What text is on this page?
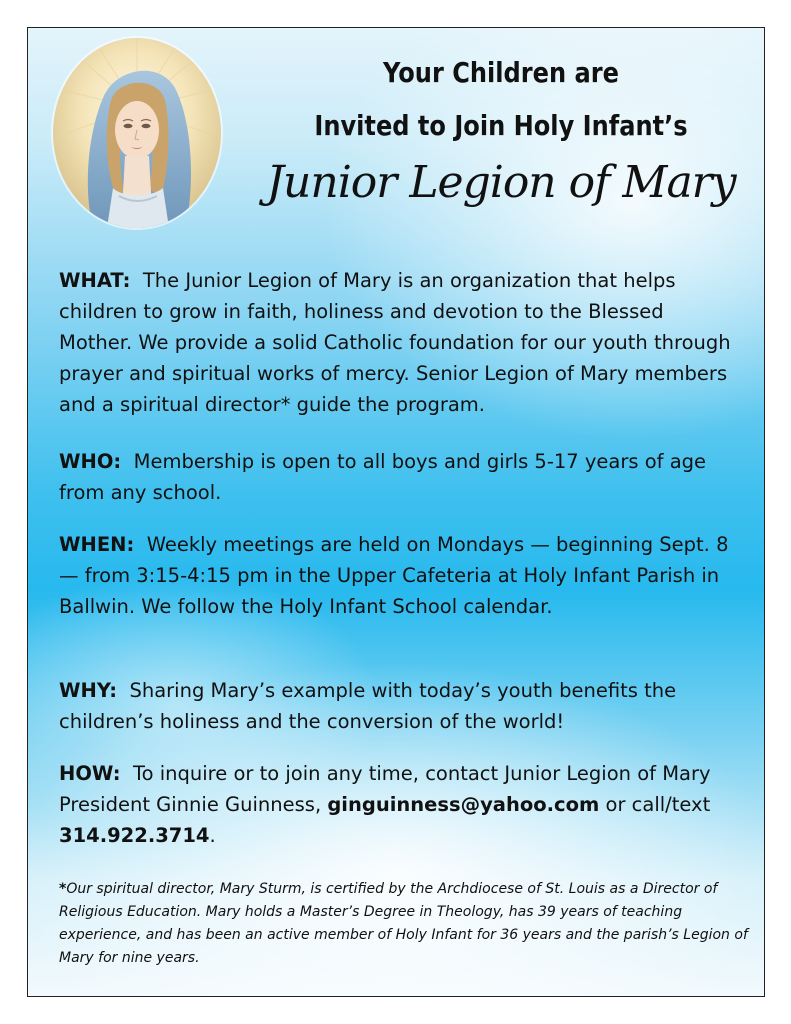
Your Children are
Invited to Join Holy Infant’s
Junior Legion of Mary
WHAT: The Junior Legion of Mary is an organization that helps children to grow in faith, holiness and devotion to the Blessed Mother. We provide a solid Catholic foundation for our youth through prayer and spiritual works of mercy. Senior Legion of Mary members and a spiritual director* guide the program.
WHO: Membership is open to all boys and girls 5-17 years of age from any school.
WHEN: Weekly meetings are held on Mondays — beginning Sept. 8 — from 3:15-4:15 pm in the Upper Cafeteria at Holy Infant Parish in Ballwin. We follow the Holy Infant School calendar.
WHY: Sharing Mary’s example with today’s youth benefits the children’s holiness and the conversion of the world!
HOW: To inquire or to join any time, contact Junior Legion of Mary President Ginnie Guinness, ginguinness@yahoo.com or call/text 314.922.3714.
*Our spiritual director, Mary Sturm, is certified by the Archdiocese of St. Louis as a Director of Religious Education. Mary holds a Master’s Degree in Theology, has 39 years of teaching experience, and has been an active member of Holy Infant for 36 years and the parish’s Legion of Mary for nine years.
